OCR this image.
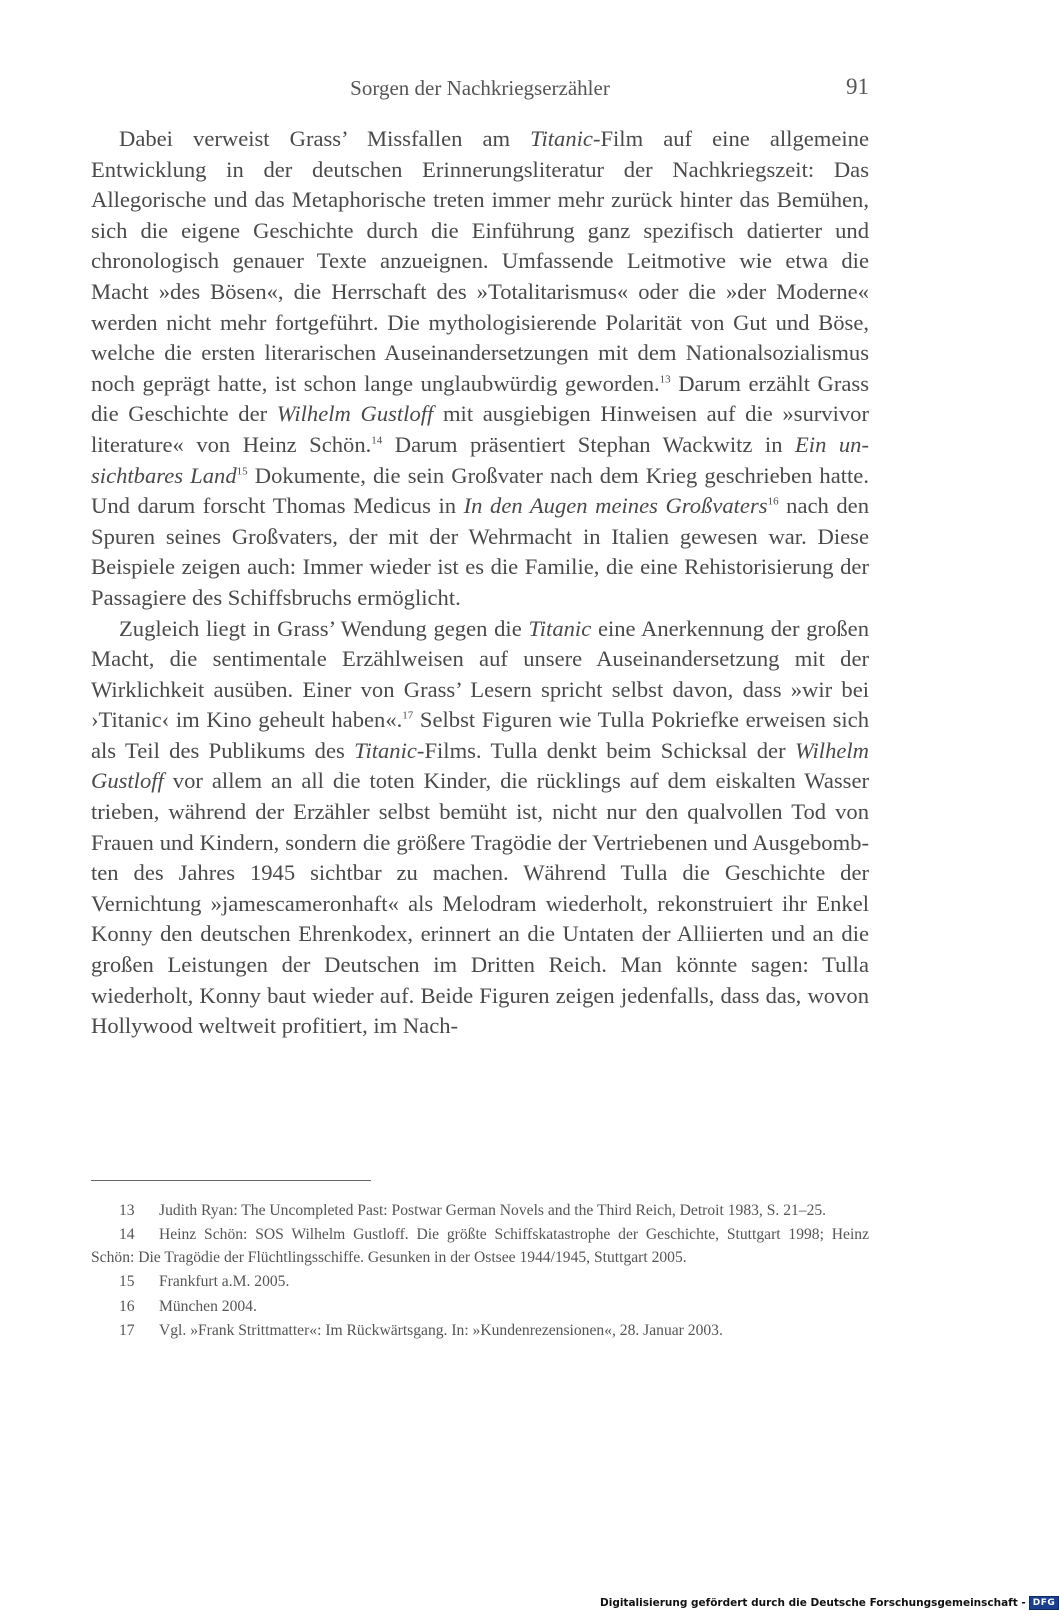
Sorgen der Nachkriegserzähler	91

Dabei verweist Grass’ Missfallen am Titanic-Film auf eine allgemeine Entwicklung in der deutschen Erinnerungsliteratur der Nachkriegszeit: Das Allegorische und das Metaphorische treten immer mehr zurück hinter das Bemühen, sich die eigene Geschichte durch die Einführung ganz spezifisch datierter und chronologisch genauer Texte anzueignen. Umfassende Leitmotive wie etwa die Macht »des Bösen«, die Herrschaft des »Totalitarismus« oder die »der Moderne« werden nicht mehr fortgeführt. Die mythologisierende Polarität von Gut und Böse, welche die ersten literarischen Auseinandersetzungen mit dem Nationalsozialismus noch geprägt hatte, ist schon lange unglaubwürdig geworden.$^{13}$ Darum erzählt Grass die Geschichte der Wilhelm Gustloff mit ausgiebigen Hinweisen auf die »survivor literature« von Heinz Schön.$^{14}$ Darum präsentiert Stephan Wackwitz in Ein unsichtbares Land$^{15}$ Dokumente, die sein Großvater nach dem Krieg geschrieben hatte. Und darum forscht Thomas Medicus in In den Augen meines Großvaters$^{16}$ nach den Spuren seines Großvaters, der mit der Wehrmacht in Italien gewesen war. Diese Beispiele zeigen auch: Immer wieder ist es die Familie, die eine Rehistorisierung der Passagiere des Schiffsbruchs ermöglicht.

Zugleich liegt in Grass’ Wendung gegen die Titanic eine Anerkennung der großen Macht, die sentimentale Erzählweisen auf unsere Auseinandersetzung mit der Wirklichkeit ausüben. Einer von Grass’ Lesern spricht selbst davon, dass »wir bei ›Titanic‹ im Kino geheult haben«.$^{17}$ Selbst Figuren wie Tulla Pokriefke erweisen sich als Teil des Publikums des Titanic-Films. Tulla denkt beim Schicksal der Wilhelm Gustloff vor allem an all die toten Kinder, die rücklings auf dem eiskalten Wasser trieben, während der Erzähler selbst bemüht ist, nicht nur den qualvollen Tod von Frauen und Kindern, sondern die größere Tragödie der Vertriebenen und Ausgebombten des Jahres 1945 sichtbar zu machen. Während Tulla die Geschichte der Vernichtung »jamescameronhaft« als Melodram wiederholt, rekonstruiert ihr Enkel Konny den deutschen Ehrenkodex, erinnert an die Untaten der Alliierten und an die großen Leistungen der Deutschen im Dritten Reich. Man könnte sagen: Tulla wiederholt, Konny baut wieder auf. Beide Figuren zeigen jedenfalls, dass das, wovon Hollywood weltweit profitiert, im Nach-

13 Judith Ryan: The Uncompleted Past: Postwar German Novels and the Third Reich, Detroit 1983, S. 21–25.

14 Heinz Schön: SOS Wilhelm Gustloff. Die größte Schiffskatastrophe der Geschichte, Stuttgart 1998; Heinz Schön: Die Tragödie der Flüchtlingsschiffe. Gesunken in der Ostsee 1944/1945, Stuttgart 2005.

15 Frankfurt a.M. 2005.

16 München 2004.

17 Vgl. »Frank Strittmatter«: Im Rückwärtsgang. In: »Kundenrezensionen«, 28. Januar 2003.

Digitalisierung gefördert durch die Deutsche Forschungsgemeinschaft - DFG
